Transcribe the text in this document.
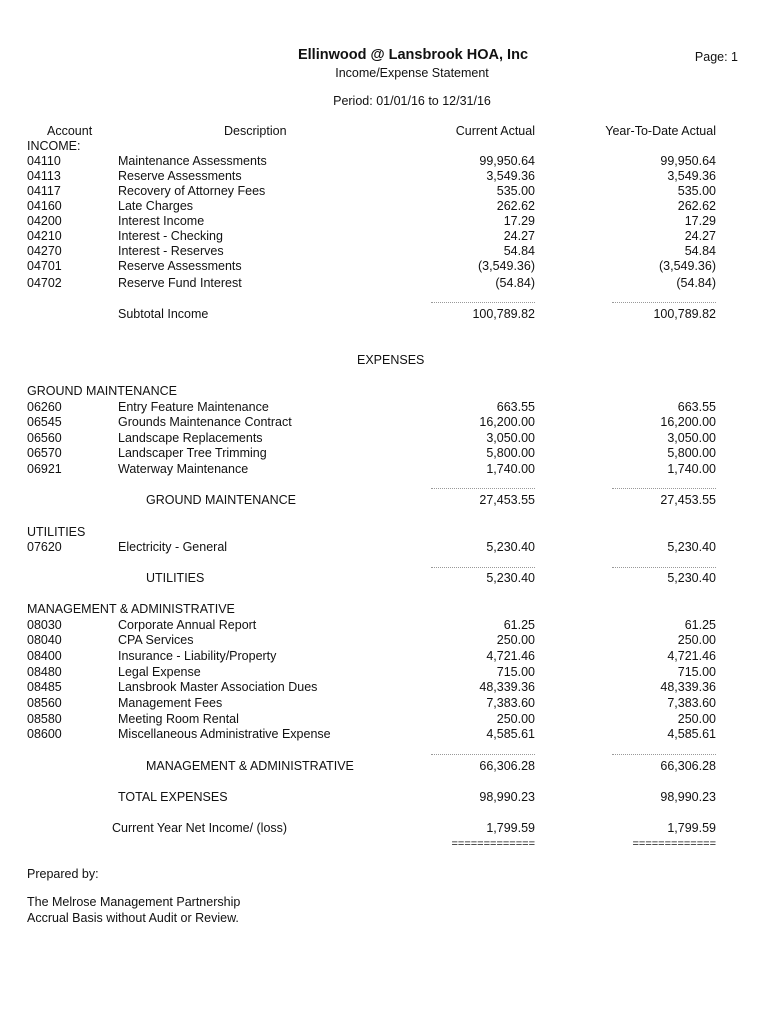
Ellinwood @ Lansbrook HOA, Inc	Page: 1
Income/Expense Statement
Period: 01/01/16 to 12/31/16
Account	Description	Current Actual	Year-To-Date Actual
INCOME:
04110	Maintenance Assessments	99,950.64	99,950.64
04113	Reserve Assessments	3,549.36	3,549.36
04117	Recovery of Attorney Fees	535.00	535.00
04160	Late Charges	262.62	262.62
04200	Interest Income	17.29	17.29
04210	Interest - Checking	24.27	24.27
04270	Interest - Reserves	54.84	54.84
04701	Reserve Assessments	(3,549.36)	(3,549.36)
04702	Reserve Fund Interest	(54.84)	(54.84)
Subtotal Income	100,789.82	100,789.82
EXPENSES
GROUND MAINTENANCE
06260	Entry Feature Maintenance	663.55	663.55
06545	Grounds Maintenance Contract	16,200.00	16,200.00
06560	Landscape Replacements	3,050.00	3,050.00
06570	Landscaper Tree Trimming	5,800.00	5,800.00
06921	Waterway Maintenance	1,740.00	1,740.00
GROUND MAINTENANCE	27,453.55	27,453.55
UTILITIES
07620	Electricity - General	5,230.40	5,230.40
UTILITIES	5,230.40	5,230.40
MANAGEMENT & ADMINISTRATIVE
08030	Corporate Annual Report	61.25	61.25
08040	CPA Services	250.00	250.00
08400	Insurance - Liability/Property	4,721.46	4,721.46
08480	Legal Expense	715.00	715.00
08485	Lansbrook Master Association Dues	48,339.36	48,339.36
08560	Management Fees	7,383.60	7,383.60
08580	Meeting Room Rental	250.00	250.00
08600	Miscellaneous Administrative Expense	4,585.61	4,585.61
MANAGEMENT & ADMINISTRATIVE	66,306.28	66,306.28
TOTAL EXPENSES	98,990.23	98,990.23
Current Year Net Income/ (loss)	1,799.59	1,799.59
=============	=============
Prepared by:
The Melrose Management Partnership
Accrual Basis without Audit or Review.
